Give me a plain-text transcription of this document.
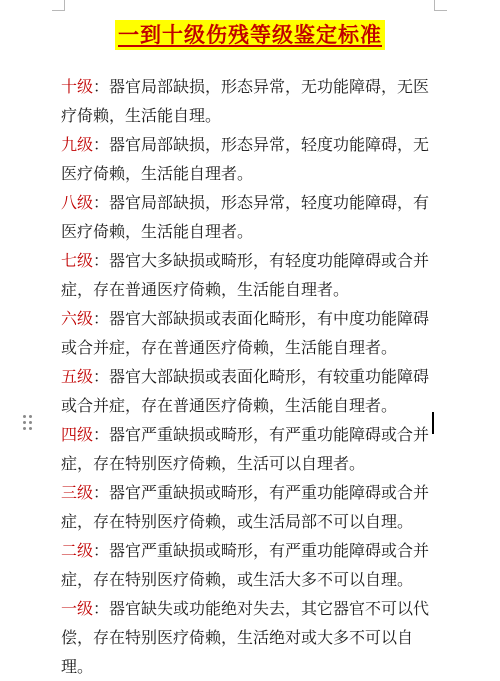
一到十级伤残等级鉴定标准

十级：器官局部缺损，形态异常，无功能障碍，无医疗倚赖，生活能自理。

九级：器官局部缺损，形态异常，轻度功能障碍，无医疗倚赖，生活能自理者。

八级：器官局部缺损，形态异常，轻度功能障碍，有医疗倚赖，生活能自理者。

七级：器官大多缺损或畸形，有轻度功能障碍或合并症，存在普通医疗倚赖，生活能自理者。

六级：器官大部缺损或表面化畸形，有中度功能障碍或合并症，存在普通医疗倚赖，生活能自理者。

五级：器官大部缺损或表面化畸形，有较重功能障碍或合并症，存在普通医疗倚赖，生活能自理者。

四级：器官严重缺损或畸形，有严重功能障碍或合并症，存在特别医疗倚赖，生活可以自理者。

三级：器官严重缺损或畸形，有严重功能障碍或合并症，存在特别医疗倚赖，或生活局部不可以自理。

二级：器官严重缺损或畸形，有严重功能障碍或合并症，存在特别医疗倚赖，或生活大多不可以自理。

一级：器官缺失或功能绝对失去，其它器官不可以代偿，存在特别医疗倚赖，生活绝对或大多不可以自理。
